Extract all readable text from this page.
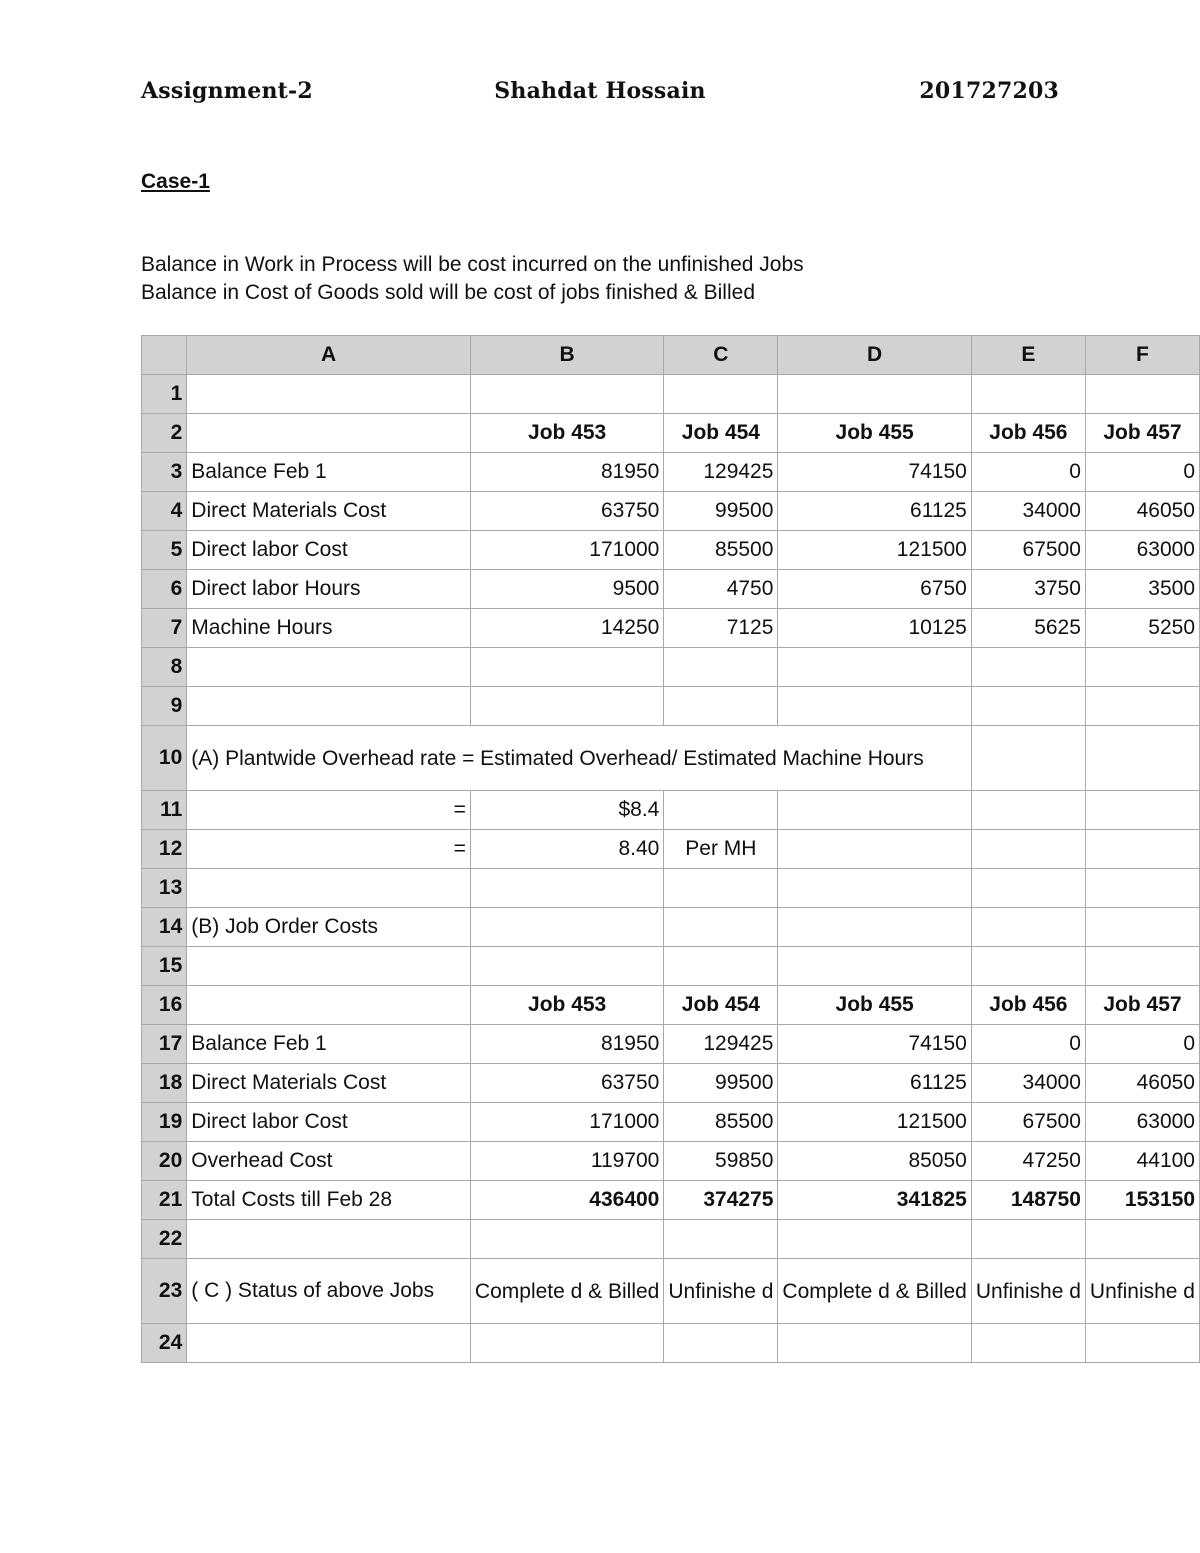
Assignment-2	Shahdat Hossain	201727203
Case-1
Balance in Work in Process will be cost incurred on the unfinished Jobs
Balance in Cost of Goods sold will be cost of jobs finished & Billed
	A	B	C	D	E	F
1						
2		Job 453	Job 454	Job 455	Job 456	Job 457
3	Balance Feb 1	81950	129425	74150	0	0
4	Direct Materials Cost	63750	99500	61125	34000	46050
5	Direct labor Cost	171000	85500	121500	67500	63000
6	Direct labor Hours	9500	4750	6750	3750	3500
7	Machine Hours	14250	7125	10125	5625	5250
8						
9						
10	(A) Plantwide Overhead rate = Estimated Overhead/ Estimated Machine Hours					
11	=	$8.4				
12	=	8.40	Per MH			
13						
14	(B) Job Order Costs					
15						
16		Job 453	Job 454	Job 455	Job 456	Job 457
17	Balance Feb 1	81950	129425	74150	0	0
18	Direct Materials Cost	63750	99500	61125	34000	46050
19	Direct labor Cost	171000	85500	121500	67500	63000
20	Overhead Cost	119700	59850	85050	47250	44100
21	Total Costs till Feb 28	436400	374275	341825	148750	153150
22						
23	( C ) Status of above Jobs	Complete d & Billed	Unfinishe d	Complete d & Billed	Unfinishe d	Unfinishe d
24						
